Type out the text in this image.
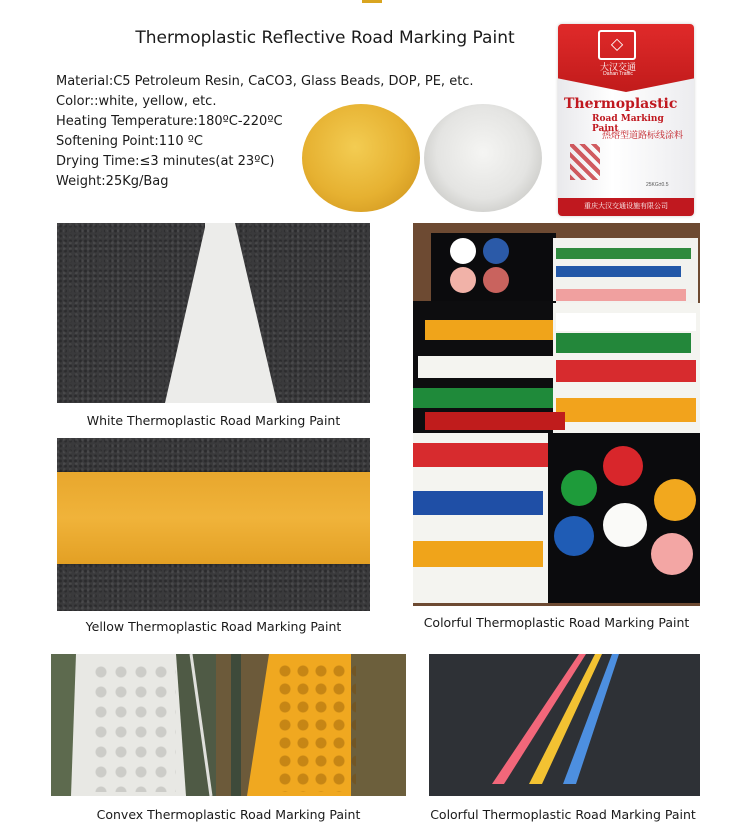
Thermoplastic Reflective Road Marking Paint
Material:C5 Petroleum Resin, CaCO3, Glass Beads, DOP, PE, etc.
Color::white, yellow, etc.
Heating Temperature:180ºC-220ºC
Softening Point:110 ºC
Drying Time:≤3 minutes(at 23ºC)
Weight:25Kg/Bag
◇
大汉交通
Dahan Traffic
Thermoplastic
Road Marking Paint
热熔型道路标线涂料
25KG±0.5
重庆大汉交通设施有限公司
White Thermoplastic Road Marking Paint
Yellow Thermoplastic Road Marking Paint	Colorful Thermoplastic Road Marking Paint
Convex Thermoplastic Road Marking Paint	Colorful Thermoplastic Road Marking Paint
